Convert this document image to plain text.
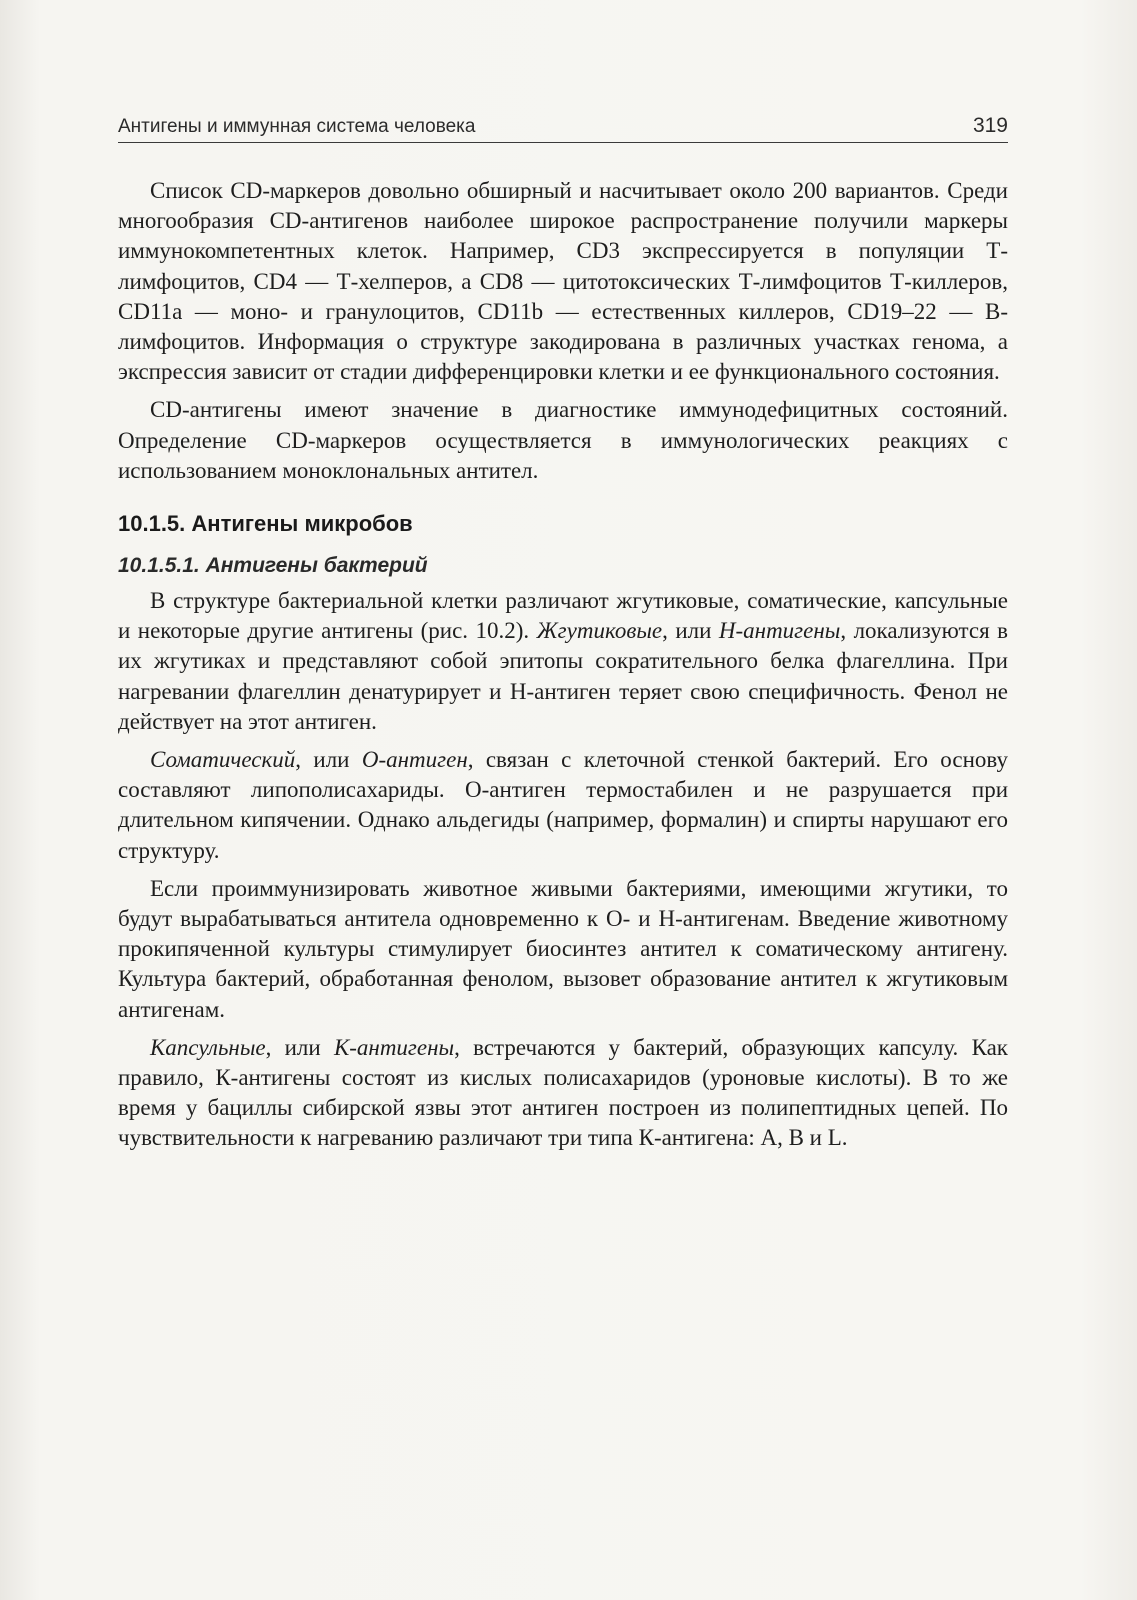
Антигены и иммунная система человека	319

Список CD-маркеров довольно обширный и насчитывает около 200 вариантов. Среди многообразия CD-антигенов наиболее широкое распространение получили маркеры иммунокомпетентных клеток. Например, CD3 экспрессируется в популяции Т-лимфоцитов, CD4 — Т-хелперов, а CD8 — цитотоксических Т-лимфоцитов Т-киллеров, CD11a — моно- и гранулоцитов, CD11b — естественных киллеров, CD19–22 — В-лимфоцитов. Информация о структуре закодирована в различных участках генома, а экспрессия зависит от стадии дифференцировки клетки и ее функционального состояния.

CD-антигены имеют значение в диагностике иммунодефицитных состояний. Определение CD-маркеров осуществляется в иммунологических реакциях с использованием моноклональных антител.

10.1.5. Антигены микробов
10.1.5.1. Антигены бактерий

В структуре бактериальной клетки различают жгутиковые, соматические, капсульные и некоторые другие антигены (рис. 10.2). Жгутиковые, или Н-антигены, локализуются в их жгутиках и представляют собой эпитопы сократительного белка флагеллина. При нагревании флагеллин денатурирует и Н-антиген теряет свою специфичность. Фенол не действует на этот антиген.

Соматический, или О-антиген, связан с клеточной стенкой бактерий. Его основу составляют липополисахариды. О-антиген термостабилен и не разрушается при длительном кипячении. Однако альдегиды (например, формалин) и спирты нарушают его структуру.

Если проиммунизировать животное живыми бактериями, имеющими жгутики, то будут вырабатываться антитела одновременно к О- и Н-антигенам. Введение животному прокипяченной культуры стимулирует биосинтез антител к соматическому антигену. Культура бактерий, обработанная фенолом, вызовет образование антител к жгутиковым антигенам.

Капсульные, или К-антигены, встречаются у бактерий, образующих капсулу. Как правило, К-антигены состоят из кислых полисахаридов (уроновые кислоты). В то же время у бациллы сибирской язвы этот антиген построен из полипептидных цепей. По чувствительности к нагреванию различают три типа К-антигена: А, В и L.
